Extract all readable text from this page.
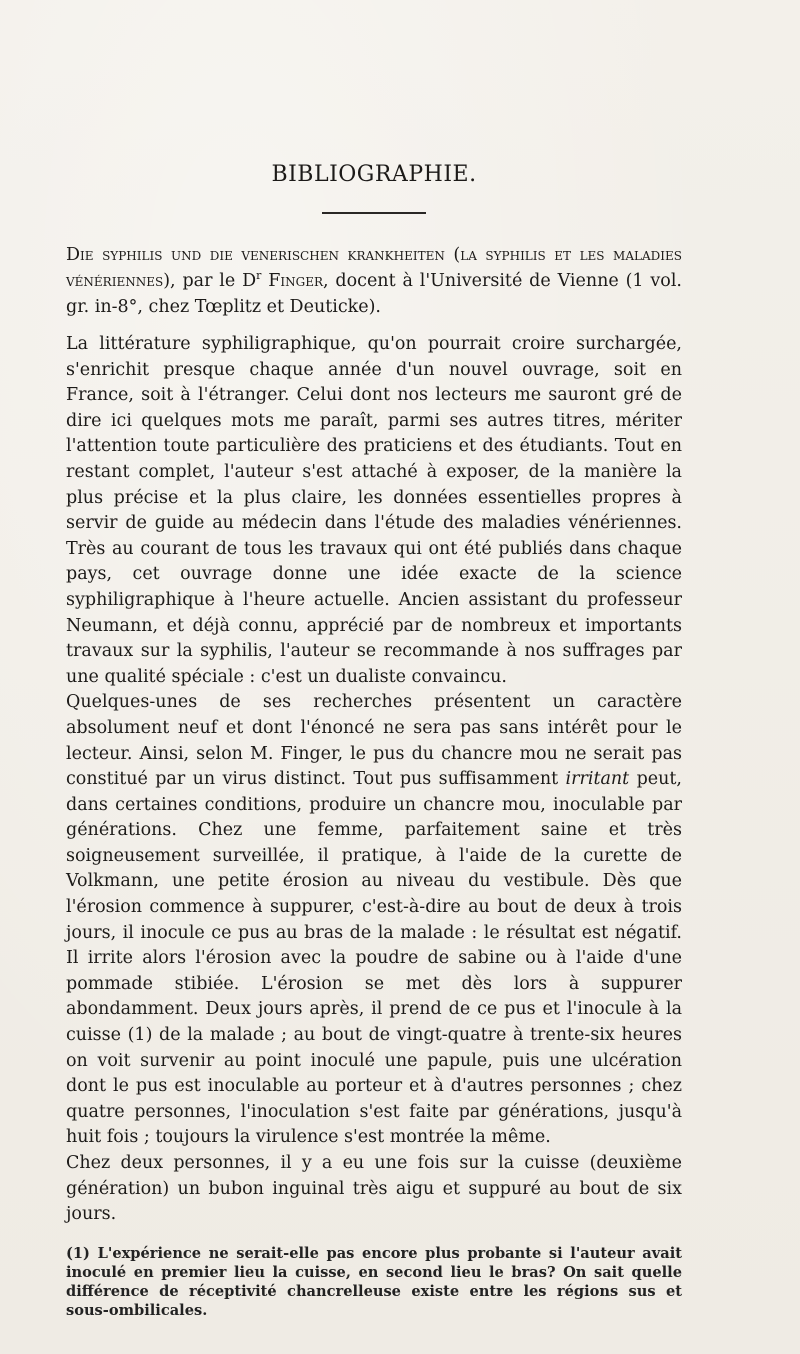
BIBLIOGRAPHIE.

Die syphilis und die venerischen krankheiten (la syphilis et les maladies vénériennes), par le $D^r$ Finger, docent à l'Université de Vienne (1 vol. gr. in-8°, chez Tœplitz et Deuticke).

La littérature syphiligraphique, qu'on pourrait croire surchargée, s'enrichit presque chaque année d'un nouvel ouvrage, soit en France, soit à l'étranger. Celui dont nos lecteurs me sauront gré de dire ici quelques mots me paraît, parmi ses autres titres, mériter l'attention toute particulière des praticiens et des étudiants. Tout en restant complet, l'auteur s'est attaché à exposer, de la manière la plus précise et la plus claire, les données essentielles propres à servir de guide au médecin dans l'étude des maladies vénériennes. Très au courant de tous les travaux qui ont été publiés dans chaque pays, cet ouvrage donne une idée exacte de la science syphiligraphique à l'heure actuelle. Ancien assistant du professeur Neumann, et déjà connu, apprécié par de nombreux et importants travaux sur la syphilis, l'auteur se recommande à nos suffrages par une qualité spéciale : c'est un dualiste convaincu.

Quelques-unes de ses recherches présentent un caractère absolument neuf et dont l'énoncé ne sera pas sans intérêt pour le lecteur. Ainsi, selon M. Finger, le pus du chancre mou ne serait pas constitué par un virus distinct. Tout pus suffisamment irritant peut, dans certaines conditions, produire un chancre mou, inoculable par générations. Chez une femme, parfaitement saine et très soigneusement surveillée, il pratique, à l'aide de la curette de Volkmann, une petite érosion au niveau du vestibule. Dès que l'érosion commence à suppurer, c'est-à-dire au bout de deux à trois jours, il inocule ce pus au bras de la malade : le résultat est négatif. Il irrite alors l'érosion avec la poudre de sabine ou à l'aide d'une pommade stibiée. L'érosion se met dès lors à suppurer abondamment. Deux jours après, il prend de ce pus et l'inocule à la cuisse (1) de la malade ; au bout de vingt-quatre à trente-six heures on voit survenir au point inoculé une papule, puis une ulcération dont le pus est inoculable au porteur et à d'autres personnes ; chez quatre personnes, l'inoculation s'est faite par générations, jusqu'à huit fois ; toujours la virulence s'est montrée la même.

Chez deux personnes, il y a eu une fois sur la cuisse (deuxième génération) un bubon inguinal très aigu et suppuré au bout de six jours.

(1) L'expérience ne serait-elle pas encore plus probante si l'auteur avait inoculé en premier lieu la cuisse, en second lieu le bras? On sait quelle différence de réceptivité chancrelleuse existe entre les régions sus et sous-ombilicales.
